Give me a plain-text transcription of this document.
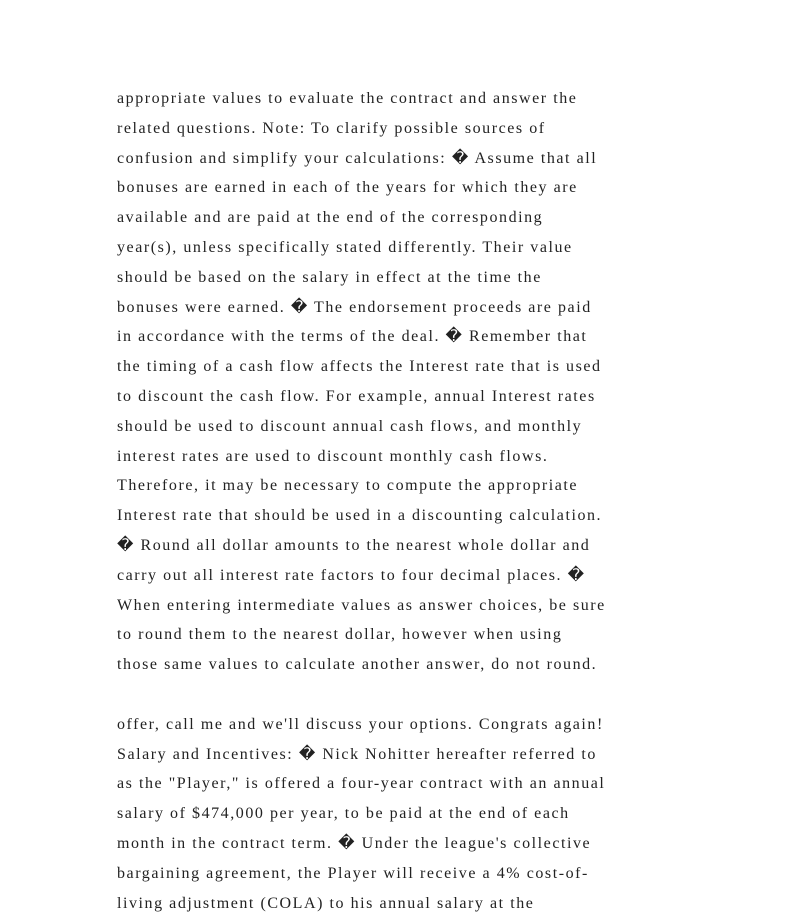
appropriate values to evaluate the contract and answer the
related questions. Note: To clarify possible sources of
confusion and simplify your calculations: � Assume that all
bonuses are earned in each of the years for which they are
available and are paid at the end of the corresponding
year(s), unless specifically stated differently. Their value
should be based on the salary in effect at the time the
bonuses were earned. � The endorsement proceeds are paid
in accordance with the terms of the deal. � Remember that
the timing of a cash flow affects the Interest rate that is used
to discount the cash flow. For example, annual Interest rates
should be used to discount annual cash flows, and monthly
interest rates are used to discount monthly cash flows.
Therefore, it may be necessary to compute the appropriate
Interest rate that should be used in a discounting calculation.
� Round all dollar amounts to the nearest whole dollar and
carry out all interest rate factors to four decimal places. �
When entering intermediate values as answer choices, be sure
to round them to the nearest dollar, however when using
those same values to calculate another answer, do not round.

offer, call me and we'll discuss your options. Congrats again!
Salary and Incentives: � Nick Nohitter hereafter referred to
as the "Player," is offered a four-year contract with an annual
salary of $474,000 per year, to be paid at the end of each
month in the contract term. � Under the league's collective
bargaining agreement, the Player will receive a 4% cost-of-
living adjustment (COLA) to his annual salary at the
